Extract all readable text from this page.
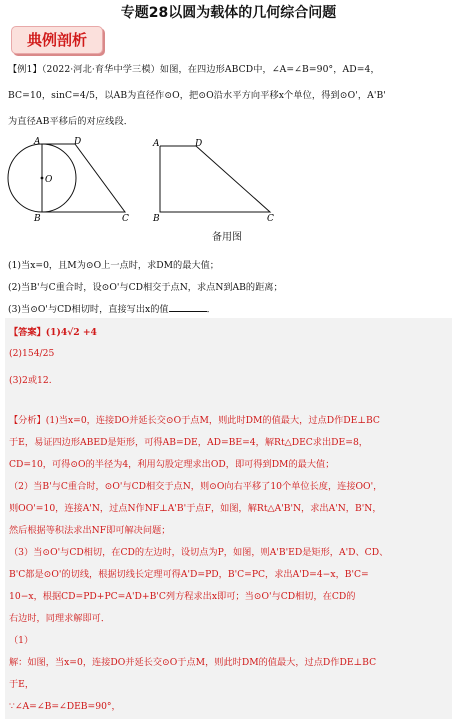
专题28以圆为载体的几何综合问题
典例剖析
【例1】（2022·河北·育华中学三模）如图，在四边形ABCD中，∠A=∠B=90°，AD=4，
BC=10，sinC=4/5，以AB为直径作⊙O，把⊙O沿水平方向平移x个单位，得到⊙O'，A'B'
为直径AB平移后的对应线段．
A	D
O
B	C
A	D
B	C
备用图
(1)当x=0，且M为⊙O上一点时，求DM的最大值；
(2)当B'与C重合时，设⊙O'与CD相交于点N，求点N到AB的距离；
(3)当⊙O'与CD相切时，直接写出x的值	．
【答案】(1)4√2 +4
(2)154/25
(3)2或12.
【分析】(1)当x=0，连接DO并延长交⊙O于点M，则此时DM的值最大，过点D作DE⊥BC
于E，易证四边形ABED是矩形，可得AB=DE，AD=BE=4，解Rt△DEC求出DE=8，
CD=10，可得⊙O的半径为4，利用勾股定理求出OD，即可得到DM的最大值；
（2）当B'与C重合时，⊙O'与CD相交于点N，则⊙O向右平移了10个单位长度，连接OO'，
则OO'=10，连接A'N，过点N作NF⊥A'B'于点F，如图，解Rt△A'B'N，求出A'N，B'N，
然后根据等积法求出NF即可解决问题；
（3）当⊙O'与CD相切，在CD的左边时，设切点为P，如图，则A'B'ED是矩形，A'D、CD、
B'C都是⊙O'的切线，根据切线长定理可得A'D=PD，B'C=PC，求出A'D=4−x，B'C=
10−x，根据CD=PD+PC=A'D+B'C列方程求出x即可；当⊙O'与CD相切，在CD的
右边时，同理求解即可．
（1）
解：如图，当x=0，连接DO并延长交⊙O于点M，则此时DM的值最大，过点D作DE⊥BC
于E，
∵∠A=∠B=∠DEB=90°，
